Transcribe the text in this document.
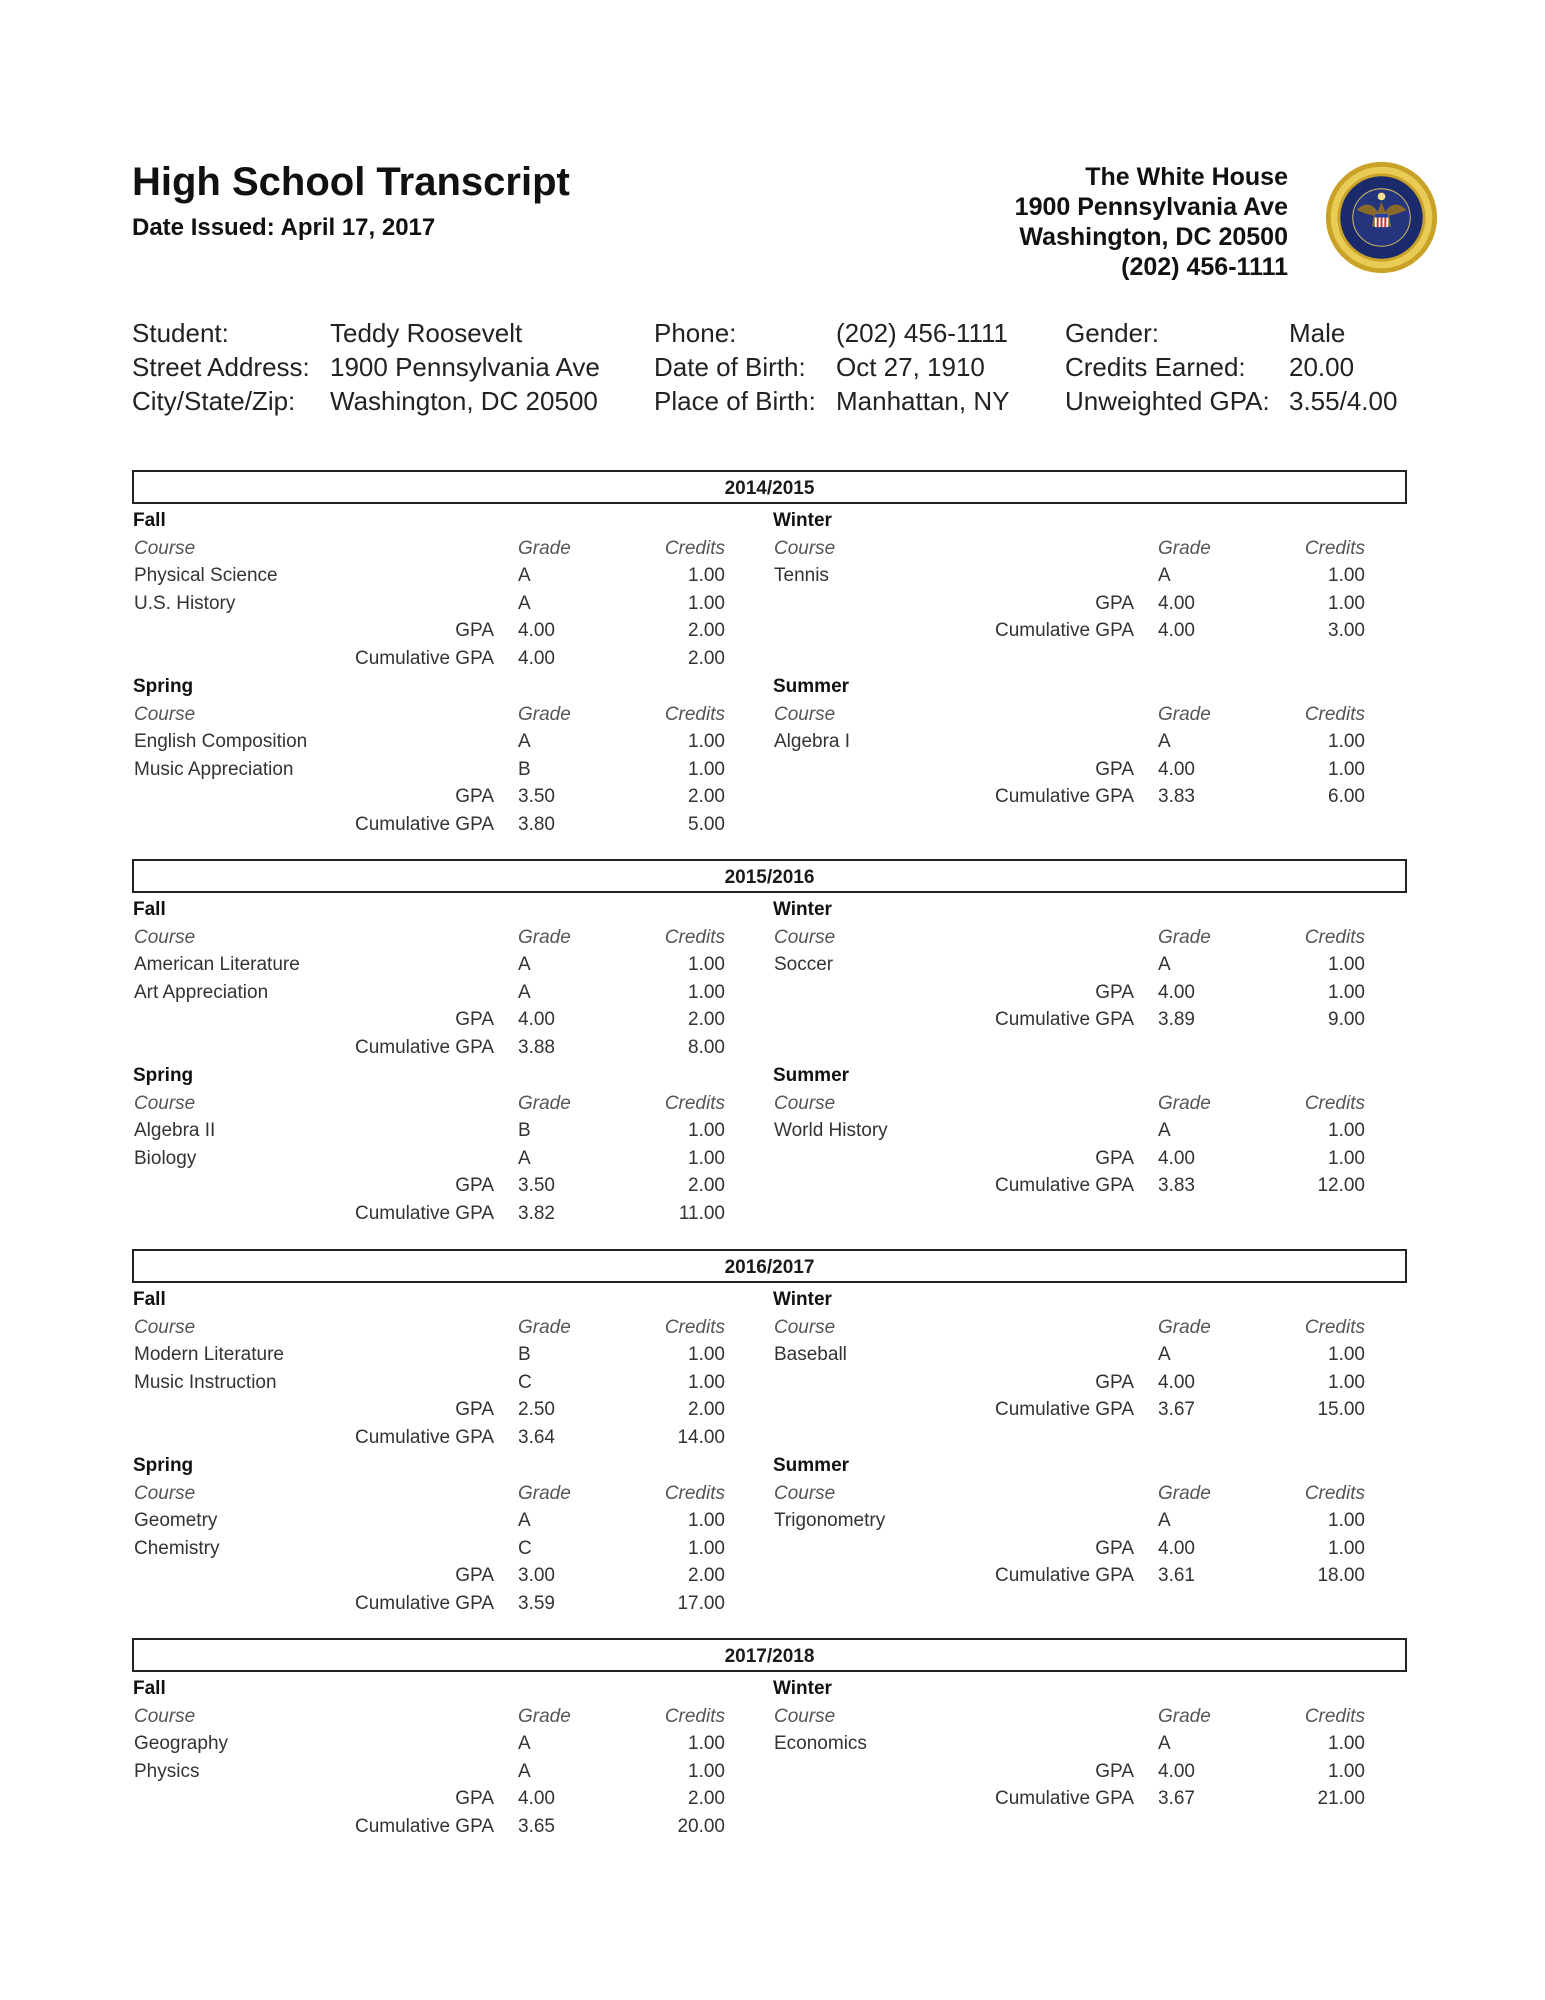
High School Transcript
Date Issued: April 17, 2017
The White House
1900 Pennsylvania Ave
Washington, DC 20500
(202) 456-1111
Student:	Teddy Roosevelt
Street Address: 1900 Pennsylvania Ave
City/State/Zip:	Washington, DC 20500
Phone:	(202) 456-1111
Date of Birth:	Oct 27, 1910
Place of Birth: Manhattan, NY
Gender:	Male
Credits Earned:	20.00
Unweighted GPA: 3.55/4.00
2014/2015
Fall
Course	Grade	Credits
Physical Science	A	1.00
U.S. History	A	1.00
GPA 4.00	2.00
Cumulative GPA 4.00	2.00
Winter
Course	Grade	Credits
Tennis	A	1.00
GPA 4.00	1.00
Cumulative GPA 4.00	3.00
Spring
Course	Grade	Credits
English Composition	A	1.00
Music Appreciation	B	1.00
GPA 3.50	2.00
Cumulative GPA 3.80	5.00
Summer
Course	Grade	Credits
Algebra I	A	1.00
GPA 4.00	1.00
Cumulative GPA 3.83	6.00
2015/2016
Fall
Course	Grade	Credits
American Literature	A	1.00
Art Appreciation	A	1.00
GPA 4.00	2.00
Cumulative GPA 3.88	8.00
Winter
Course	Grade	Credits
Soccer	A	1.00
GPA 4.00	1.00
Cumulative GPA 3.89	9.00
Spring
Course	Grade	Credits
Algebra II	B	1.00
Biology	A	1.00
GPA 3.50	2.00
Cumulative GPA 3.82	11.00
Summer
Course	Grade	Credits
World History	A	1.00
GPA 4.00	1.00
Cumulative GPA 3.83	12.00
2016/2017
Fall
Course	Grade	Credits
Modern Literature	B	1.00
Music Instruction	C	1.00
GPA 2.50	2.00
Cumulative GPA 3.64	14.00
Winter
Course	Grade	Credits
Baseball	A	1.00
GPA 4.00	1.00
Cumulative GPA 3.67	15.00
Spring
Course	Grade	Credits
Geometry	A	1.00
Chemistry	C	1.00
GPA 3.00	2.00
Cumulative GPA 3.59	17.00
Summer
Course	Grade	Credits
Trigonometry	A	1.00
GPA 4.00	1.00
Cumulative GPA 3.61	18.00
2017/2018
Fall
Course	Grade	Credits
Geography	A	1.00
Physics	A	1.00
GPA 4.00	2.00
Cumulative GPA 3.65	20.00
Winter
Course	Grade	Credits
Economics	A	1.00
GPA 4.00	1.00
Cumulative GPA 3.67	21.00
